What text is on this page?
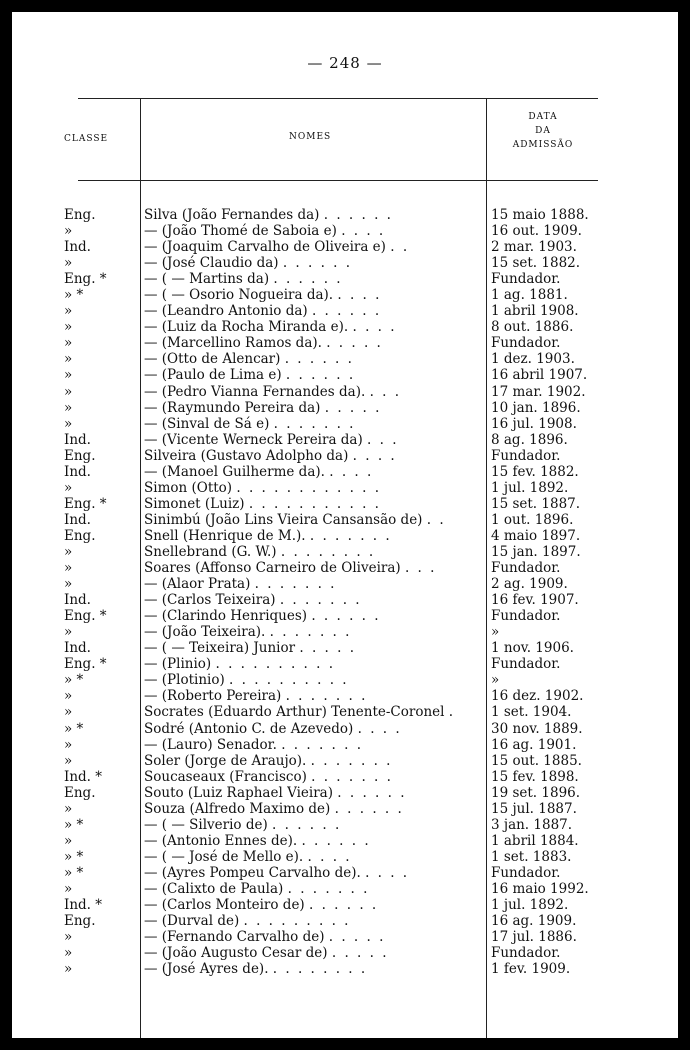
— 248 —
CLASSE	NOMES
DATA
DA
ADMISSÃO
Eng.	Silva (João Fernandes da) . . . . . .	15 maio 1888.
»	— (João Thomé de Saboia e) . . . .	16 out. 1909.
Ind.	— (Joaquim Carvalho de Oliveira e) . .	2 mar. 1903.
»	— (José Claudio da) . . . . . .	15 set. 1882.
Eng. *	— ( — Martins da) . . . . . .	Fundador.
» *	— ( — Osorio Nogueira da). . . . .	1 ag. 1881.
»	— (Leandro Antonio da) . . . . . .	1 abril 1908.
»	— (Luiz da Rocha Miranda e). . . . .	8 out. 1886.
»	— (Marcellino Ramos da). . . . . .	Fundador.
»	— (Otto de Alencar) . . . . . .	1 dez. 1903.
»	— (Paulo de Lima e) . . . . . .	16 abril 1907.
»	— (Pedro Vianna Fernandes da). . . .	17 mar. 1902.
»	— (Raymundo Pereira da) . . . . .	10 jan. 1896.
»	— (Sinval de Sá e) . . . . . . .	16 jul. 1908.
Ind.	— (Vicente Werneck Pereira da) . . .	8 ag. 1896.
Eng.	Silveira (Gustavo Adolpho da) . . . .	Fundador.
Ind.	— (Manoel Guilherme da). . . . .	15 fev. 1882.
»	Simon (Otto) . . . . . . . . . . . .	1 jul. 1892.
Eng. *	Simonet (Luiz) . . . . . . . . . . .	15 set. 1887.
Ind.	Sinimbú (João Lins Vieira Cansansão de) . .	1 out. 1896.
Eng.	Snell (Henrique de M.). . . . . . . .	4 maio 1897.
»	Snellebrand (G. W.) . . . . . . . .	15 jan. 1897.
»	Soares (Affonso Carneiro de Oliveira) . . .	Fundador.
»	— (Alaor Prata) . . . . . . .	2 ag. 1909.
Ind.	— (Carlos Teixeira) . . . . . . .	16 fev. 1907.
Eng. *	— (Clarindo Henriques) . . . . . .	Fundador.
»	— (João Teixeira). . . . . . . .	»
Ind.	— ( — Teixeira) Junior . . . . .	1 nov. 1906.
Eng. *	— (Plinio) . . . . . . . . . .	Fundador.
» *	— (Plotinio) . . . . . . . . . .	»
»	— (Roberto Pereira) . . . . . . .	16 dez. 1902.
»	Socrates (Eduardo Arthur) Tenente-Coronel .	1 set. 1904.
» *	Sodré (Antonio C. de Azevedo) . . . .	30 nov. 1889.
»	— (Lauro) Senador. . . . . . . .	16 ag. 1901.
»	Soler (Jorge de Araujo). . . . . . . .	15 out. 1885.
Ind. *	Soucaseaux (Francisco) . . . . . . .	15 fev. 1898.
Eng.	Souto (Luiz Raphael Vieira) . . . . . .	19 set. 1896.
»	Souza (Alfredo Maximo de) . . . . . .	15 jul. 1887.
» *	— ( — Silverio de) . . . . . .	3 jan. 1887.
»	— (Antonio Ennes de). . . . . . .	1 abril 1884.
» *	— ( — José de Mello e). . . . .	1 set. 1883.
» *	— (Ayres Pompeu Carvalho de). . . . .	Fundador.
»	— (Calixto de Paula) . . . . . . .	16 maio 1992.
Ind. *	— (Carlos Monteiro de) . . . . . .	1 jul. 1892.
Eng.	— (Durval de) . . . . . . . . .	16 ag. 1909.
»	— (Fernando Carvalho de) . . . . .	17 jul. 1886.
»	— (João Augusto Cesar de) . . . . .	Fundador.
»	— (José Ayres de). . . . . . . . .	1 fev. 1909.
